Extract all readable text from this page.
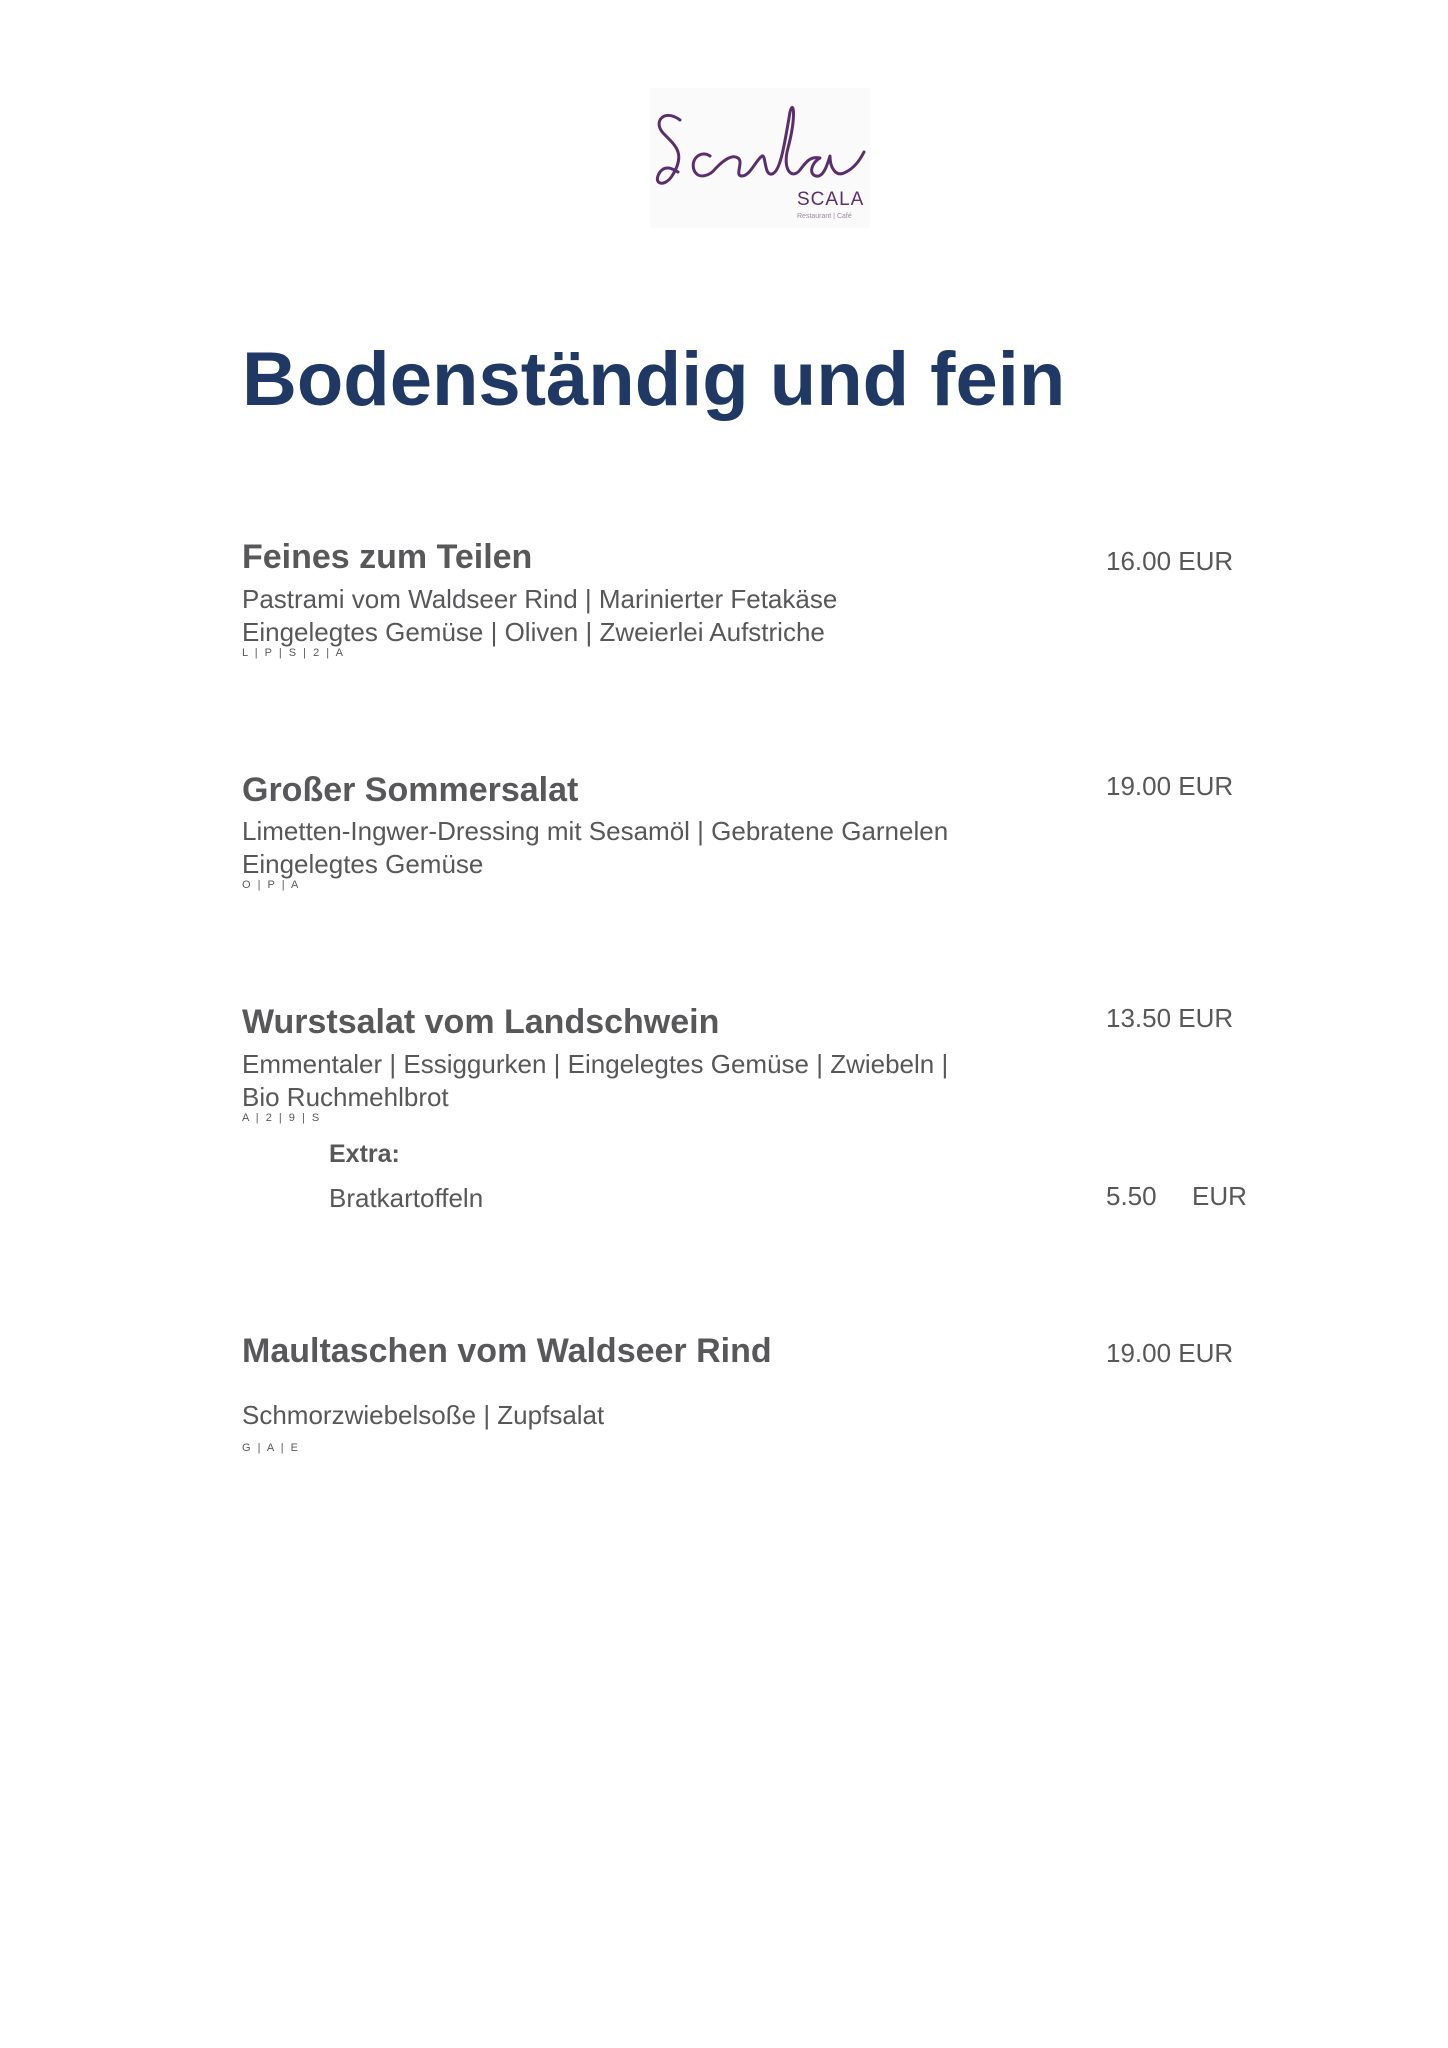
SCALA
Restaurant | Café
Bodenständig und fein
Feines zum Teilen
Pastrami vom Waldseer Rind | Marinierter Fetakäse
Eingelegtes Gemüse | Oliven | Zweierlei Aufstriche
L | P | S | 2 | A
16.00 EUR
Großer Sommersalat
Limetten-Ingwer-Dressing mit Sesamöl | Gebratene Garnelen
Eingelegtes Gemüse
O | P | A
19.00 EUR
Wurstsalat vom Landschwein
Emmentaler | Essiggurken | Eingelegtes Gemüse | Zwiebeln |
Bio Ruchmehlbrot
A | 2 | 9 | S
13.50 EUR
Extra:
Bratkartoffeln	5.50 EUR
Maultaschen vom Waldseer Rind
Schmorzwiebelsoße | Zupfsalat
G | A | E
19.00 EUR
